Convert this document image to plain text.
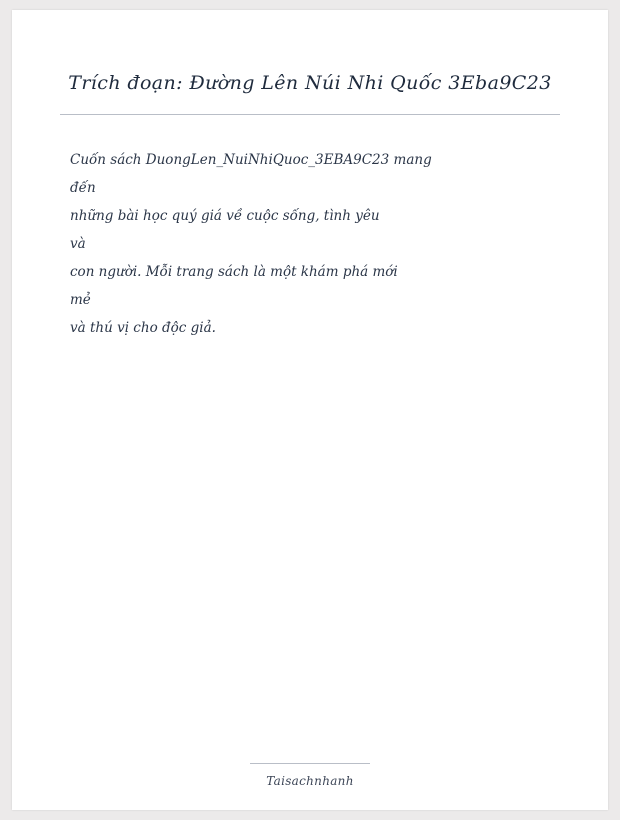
Trích đoạn: Đường Lên Núi Nhi Quốc 3Eba9C23
Cuốn sách DuongLen_NuiNhiQuoc_3EBA9C23 mang
đến
những bài học quý giá về cuộc sống, tình yêu
và
con người. Mỗi trang sách là một khám phá mới
mẻ
và thú vị cho độc giả.
Taisachnhanh
